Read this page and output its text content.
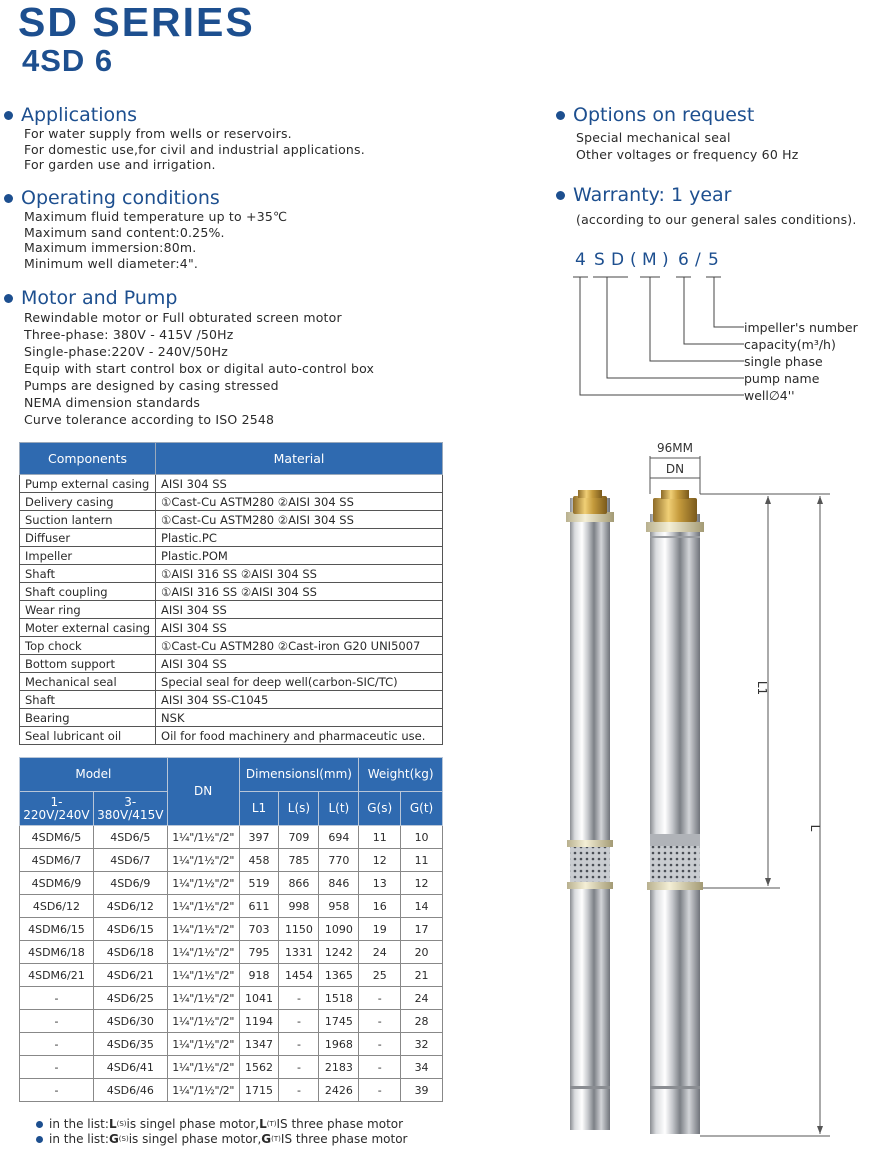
SD SERIES
4SD 6
Applications
For water supply from wells or reservoirs.
For domestic use,for civil and industrial applications.
For garden use and irrigation.
Operating conditions
Maximum fluid temperature up to +35℃
Maximum sand content:0.25%.
Maximum immersion:80m.
Minimum well diameter:4".
Motor and Pump
Rewindable motor or Full obturated screen motor
Three-phase: 380V - 415V /50Hz
Single-phase:220V - 240V/50Hz
Equip with start control box or digital auto-control box
Pumps are designed by casing stressed
NEMA dimension standards
Curve tolerance according to ISO 2548
Options on request
Special mechanical seal
Other voltages or frequency 60 Hz
Warranty: 1 year
(according to our general sales conditions).
4 S D ( M ) 6 / 5
impeller's number
capacity(m³/h)
single phase
pump name
well∅4''
Components	Material
Pump external casing	AISI 304 SS
Delivery casing	①Cast-Cu ASTM280 ②AISI 304 SS
Suction lantern	①Cast-Cu ASTM280 ②AISI 304 SS
Diffuser	Plastic.PC
Impeller	Plastic.POM
Shaft	①AISI 316 SS ②AISI 304 SS
Shaft coupling	①AISI 316 SS ②AISI 304 SS
Wear ring	AISI 304 SS
Moter external casing	AISI 304 SS
Top chock	①Cast-Cu ASTM280 ②Cast-iron G20 UNI5007
Bottom support	AISI 304 SS
Mechanical seal	Special seal for deep well(carbon-SIC/TC)
Shaft	AISI 304 SS-C1045
Bearing	NSK
Seal lubricant oil	Oil for food machinery and pharmaceutic use.
Model		DN	Dimensionsl(mm)			Weight(kg)	
1-
220V/240V	3-
380V/415V		L1	L(s)	L(t)	G(s)	G(t)
4SDM6/5	4SD6/5	1¼"/1½"/2"	397	709	694	11	10
4SDM6/7	4SD6/7	1¼"/1½"/2"	458	785	770	12	11
4SDM6/9	4SD6/9	1¼"/1½"/2"	519	866	846	13	12
4SD6/12	4SD6/12	1¼"/1½"/2"	611	998	958	16	14
4SDM6/15	4SD6/15	1¼"/1½"/2"	703	1150	1090	19	17
4SDM6/18	4SD6/18	1¼"/1½"/2"	795	1331	1242	24	20
4SDM6/21	4SD6/21	1¼"/1½"/2"	918	1454	1365	25	21
-	4SD6/25	1¼"/1½"/2"	1041	-	1518	-	24
-	4SD6/30	1¼"/1½"/2"	1194	-	1745	-	28
-	4SD6/35	1¼"/1½"/2"	1347	-	1968	-	32
-	4SD6/41	1¼"/1½"/2"	1562	-	2183	-	34
-	4SD6/46	1¼"/1½"/2"	1715	-	2426	-	39
in the list: L (S) is singel phase motor, L (T) IS three phase motor
in the list: G (S) is singel phase motor, G (T) IS three phase motor
96MM
DN
L1
L
